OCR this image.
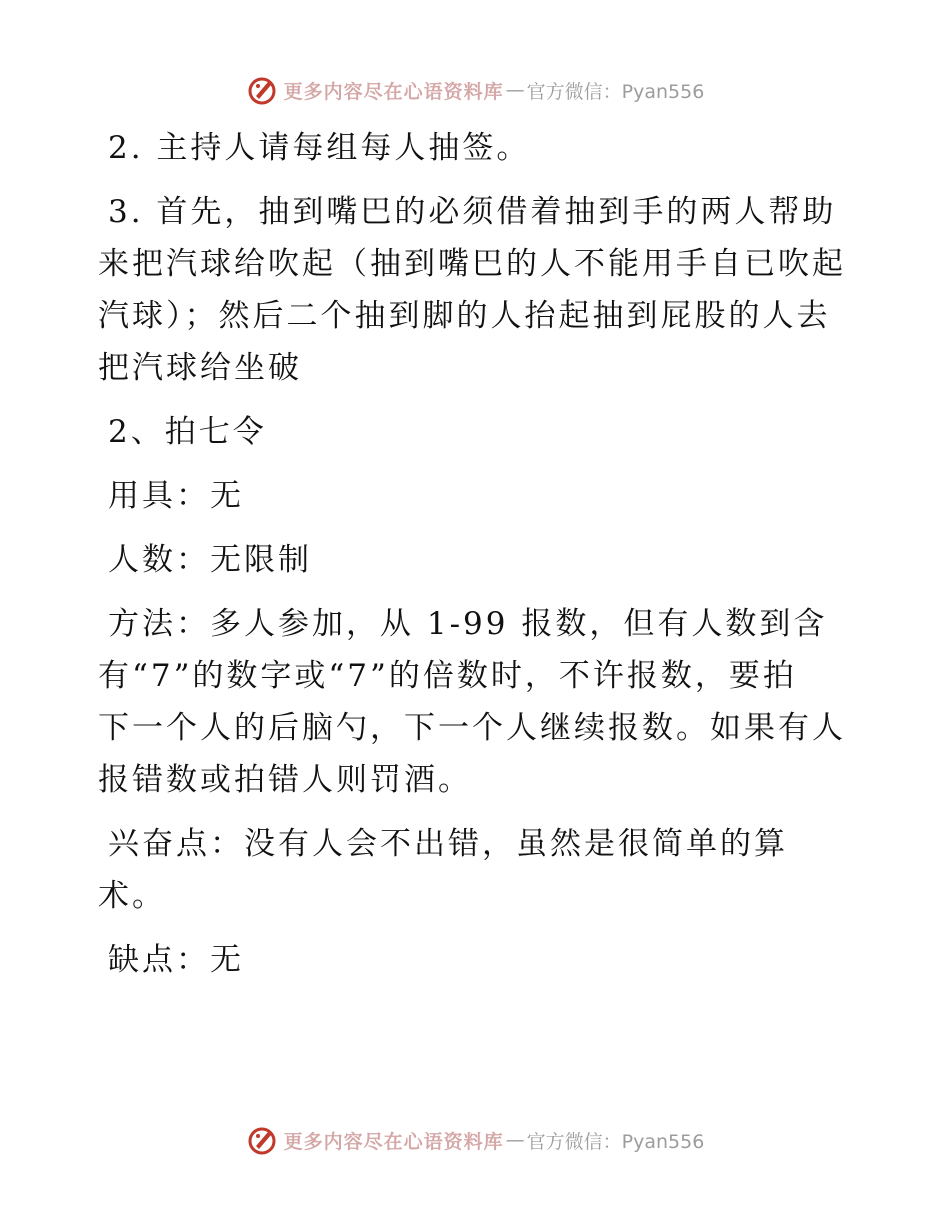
更多内容尽在心语资料库 — 官方微信：Pyan556

2. 主持人请每组每人抽签。

3. 首先，抽到嘴巴的必须借着抽到手的两人帮助
来把汽球给吹起（抽到嘴巴的人不能用手自已吹起
汽球）；然后二个抽到脚的人抬起抽到屁股的人去
把汽球给坐破

2、拍七令

用具：无

人数：无限制

方法：多人参加，从 1-99 报数，但有人数到含
有“7”的数字或“7”的倍数时，不许报数，要拍
下一个人的后脑勺，下一个人继续报数。如果有人
报错数或拍错人则罚酒。

兴奋点：没有人会不出错，虽然是很简单的算
术。

缺点：无

更多内容尽在心语资料库 — 官方微信：Pyan556
